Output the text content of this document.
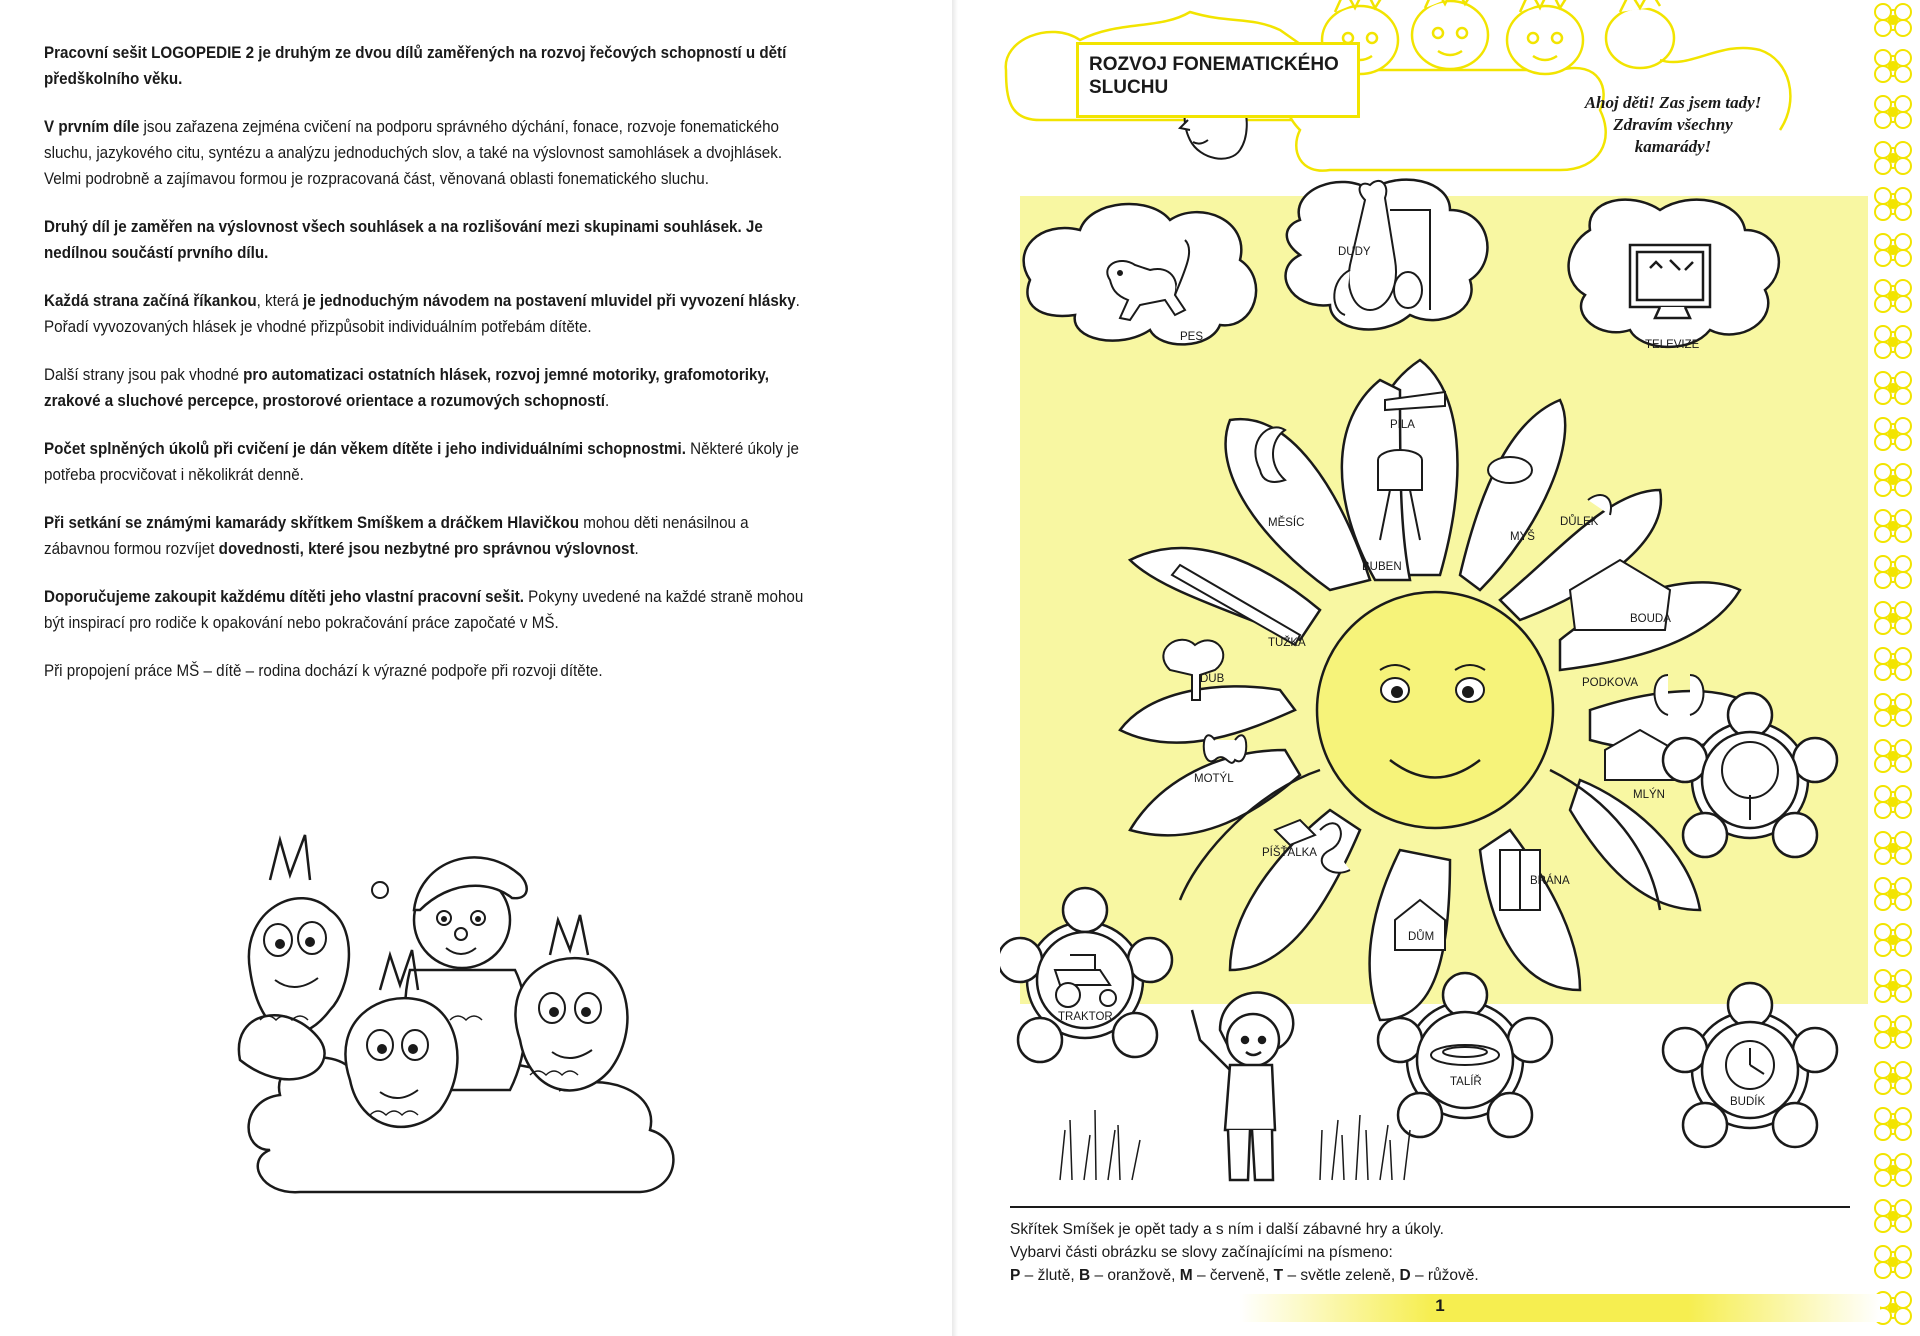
Pracovní sešit LOGOPEDIE 2 je druhým ze dvou dílů zaměřených na rozvoj řečových schopností u dětí předškolního věku.

V prvním díle jsou zařazena zejména cvičení na podporu správného dýchání, fonace, rozvoje fonematického sluchu, jazykového citu, syntézu a analýzu jednoduchých slov, a také na výslovnost samohlásek a dvojhlásek. Velmi podrobně a zajímavou formou je rozpracovaná část, věnovaná oblasti fonematického sluchu.

Druhý díl je zaměřen na výslovnost všech souhlásek a na rozlišování mezi skupinami souhlásek. Je nedílnou součástí prvního dílu.

Každá strana začíná říkankou, která je jednoduchým návodem na postavení mluvidel při vyvození hlásky. Pořadí vyvozovaných hlásek je vhodné přizpůsobit individuálním potřebám dítěte.

Další strany jsou pak vhodné pro automatizaci ostatních hlásek, rozvoj jemné motoriky, grafomotoriky, zrakové a sluchové percepce, prostorové orientace a rozumových schopností.

Počet splněných úkolů při cvičení je dán věkem dítěte i jeho individuálními schopnostmi. Některé úkoly je potřeba procvičovat i několikrát denně.

Při setkání se známými kamarády skřítkem Smíškem a dráčkem Hlavičkou mohou děti nenásilnou a zábavnou formou rozvíjet dovednosti, které jsou nezbytné pro správnou výslovnost.

Doporučujeme zakoupit každému dítěti jeho vlastní pracovní sešit. Pokyny uvedené na každé straně mohou být inspirací pro rodiče k opakování nebo pokračování práce započaté v MŠ.

Při propojení práce MŠ – dítě – rodina dochází k výrazné podpoře při rozvoji dítěte.

ROZVOJ FONEMATICKÉHO SLUCHU
Ahoj děti! Zas jsem tady!
Zdravím všechny
kamarády!
PES
DUDY
TELEVIZE
PILA
MĚSÍC
BUBEN
MYŠ
DŮLEK
TUŽKA
BOUDA
DUB	PODKOVA
MOTÝL
MLÝN
PÍŠŤALKA
BRÁNA
DŮM
TRAKTOR
TALÍŘ
BUDÍK
Skřítek Smíšek je opět tady a s ním i další zábavné hry a úkoly.
Vybarvi části obrázku se slovy začínajícími na písmeno:
P – žlutě, B – oranžově, M – červeně, T – světle zeleně, D – růžově.
1
